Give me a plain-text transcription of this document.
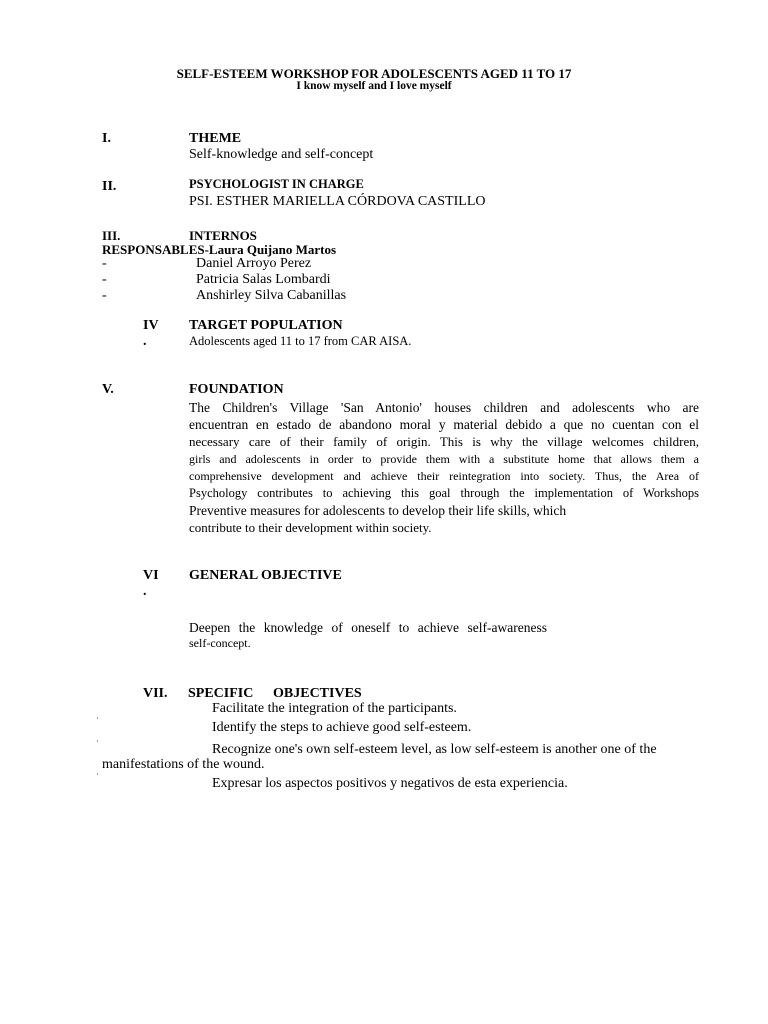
SELF-ESTEEM WORKSHOP FOR ADOLESCENTS AGED 11 TO 17
I know myself and I love myself
I.	THEME
Self-knowledge and self-concept
II.	PSYCHOLOGIST IN CHARGE
PSI. ESTHER MARIELLA CÓRDOVA CASTILLO
III.	INTERNOS
RESPONSABLES-Laura Quijano Martos
-	Daniel Arroyo Perez
-	Patricia Salas Lombardi
-	Anshirley Silva Cabanillas
IV
.
TARGET POPULATION
Adolescents aged 11 to 17 from CAR AISA.
V.	FOUNDATION
The Children's Village 'San Antonio' houses children and adolescents who are
encuentran en estado de abandono moral y material debido a que no cuentan con el
necessary care of their family of origin. This is why the village welcomes children,
girls and adolescents in order to provide them with a substitute home that allows them a
comprehensive development and achieve their reintegration into society. Thus, the Area of
Psychology contributes to achieving this goal through the implementation of Workshops
Preventive measures for adolescents to develop their life skills, which
contribute to their development within society.
VI
.
GENERAL OBJECTIVE
Deepen the knowledge of oneself to achieve self-awareness
self-concept.
VII. SPECIFIC OBJECTIVES
Facilitate the integration of the participants.
·
Identify the steps to achieve good self-esteem.
·
Recognize one's own self-esteem level, as low self-esteem is another one of the
manifestations of the wound.
·
Expresar los aspectos positivos y negativos de esta experiencia.
